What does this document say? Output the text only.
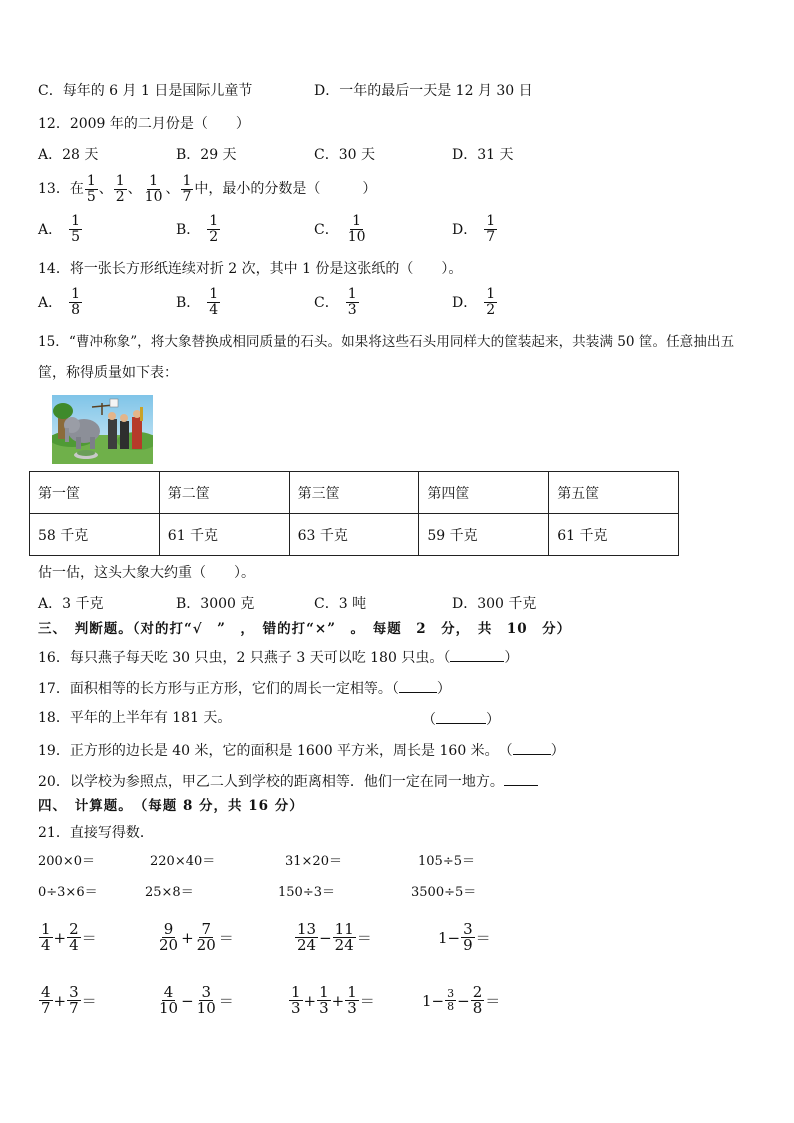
C．每年的 6 月 1 日是国际儿童节	D．一年的最后一天是 12 月 30 日
12．2009 年的二月份是（　　）
A．28 天	B．29 天	C．30 天	D．31 天
13．在 $\frac{1}{5}$ 、 $\frac{1}{2}$ 、 $\frac{1}{10}$ 、 $\frac{1}{7}$ 中，最小的分数是（　　　）
A． $\frac{1}{5}$	B． $\frac{1}{2}$	C． $\frac{1}{10}$	D． $\frac{1}{7}$
14．将一张长方形纸连续对折 2 次，其中 1 份是这张纸的（　　）。
A． $\frac{1}{8}$	B． $\frac{1}{4}$	C． $\frac{1}{3}$	D． $\frac{1}{2}$
15．“曹冲称象”，将大象替换成相同质量的石头。如果将这些石头用同样大的筐装起来，共装满 50 筐。任意抽出五
筐，称得质量如下表：
第一筐	第二筐	第三筐	第四筐	第五筐
58 千克	61 千克	63 千克	59 千克	61 千克
估一估，这头大象大约重（　　）。
A．3 千克	B．3000 克	C．3 吨	D．300 千克
三、　判断题。（对的打“√　”　，　错的打“×”　。　每题　2　分，　共　10　分）
16．每只燕子每天吃 30 只虫，2 只燕子 3 天可以吃 180 只虫。（	）
17．面积相等的长方形与正方形，它们的周长一定相等。（	）
18．平年的上半年有 181 天。	（	）
19．正方形的边长是 40 米，它的面积是 1600 平方米，周长是 160 米。　（	）
20．以学校为参照点，甲乙二人到学校的距离相等．他们一定在同一地方。
四、　计算题。　（每题 8 分，共 16 分）
21．直接写得数．
200×0＝	220×40＝	31×20＝	105÷5＝
0÷3×6＝	25×8＝	150÷3＝	3500÷5＝
$\frac{1}{4} + \frac{2}{4}$ ＝	$\frac{9}{20} + \frac{7}{20}$ ＝	$\frac{13}{24} - \frac{11}{24}$ ＝	$1 - \frac{3}{9}$ ＝
$\frac{4}{7} + \frac{3}{7}$ ＝	$\frac{4}{10} - \frac{3}{10}$ ＝	$\frac{1}{3} + \frac{1}{3} + \frac{1}{3}$ ＝	$1 - \frac{3}{8} - \frac{2}{8}$ ＝
